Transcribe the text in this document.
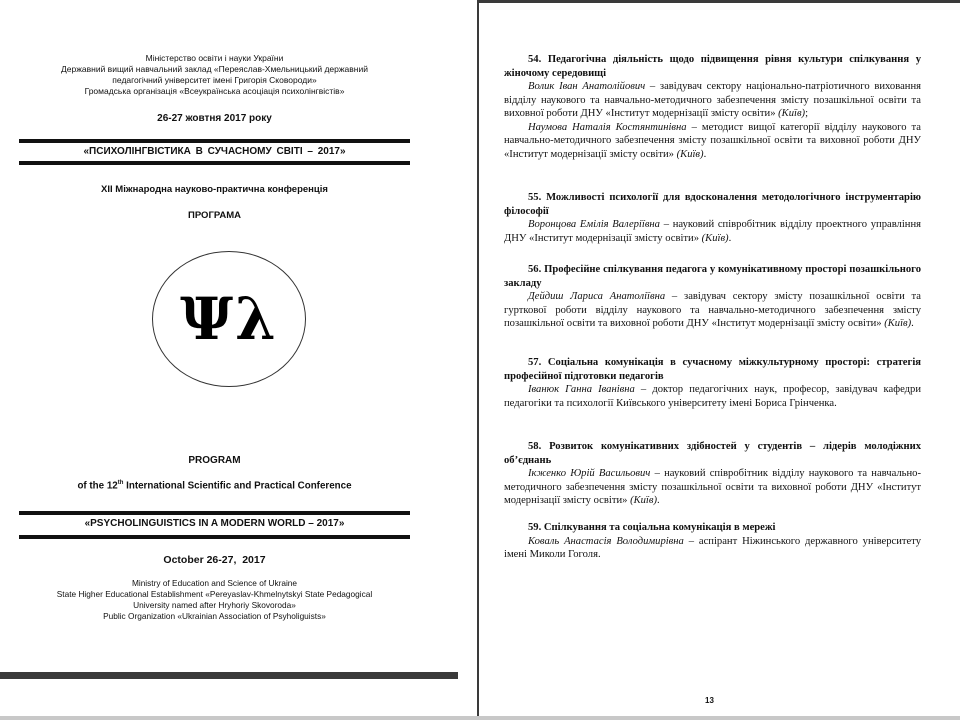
Міністерство освіти і науки України
Державний вищий навчальний заклад «Переяслав-Хмельницький державний
педагогічний університет імені Григорія Сковороди»
Громадська організація «Всеукраїнська асоціація психолінгвістів»
26-27 жовтня 2017 року
«ПСИХОЛІНГВІСТИКА В СУЧАСНОМУ СВІТІ – 2017»
ХІІ Міжнародна науково-практична конференція
ПРОГРАМА
Ψλ
PROGRAM
of the 12th International Scientific and Practical Conference
«PSYCHOLINGUISTICS IN A MODERN WORLD – 2017»
October 26-27,  2017
Ministry of Education and Science of Ukraine
State Higher Educational Establishment «Pereyaslav-Khmelnytskyi State Pedagogical
University named after Hryhoriy Skovoroda»
Public Organization «Ukrainian Association of Psyholiguists»

54. Педагогічна діяльність щодо підвищення рівня культури спілкування у жіночому середовищі

Волик Іван Анатолійович – завідувач сектору національно-патріотичного виховання відділу наукового та навчально-методичного забезпечення змісту позашкільної освіти та виховної роботи ДНУ «Інститут модернізації змісту освіти» (Київ);

Наумова Наталія Костянтинівна – методист вищої категорії відділу наукового та навчально-методичного забезпечення змісту позашкільної освіти та виховної роботи ДНУ «Інститут модернізації змісту освіти» (Київ).

55. Можливості психології для вдосконалення методологічного інструментарію філософії

Воронцова Емілія Валеріївна – науковий співробітник відділу проектного управління ДНУ «Інститут модернізації змісту освіти» (Київ).

56. Професійне спілкування педагога у комунікативному просторі позашкільного закладу

Дейдиш Лариса Анатоліївна – завідувач сектору змісту позашкільної освіти та гурткової роботи відділу наукового та навчально-методичного забезпечення змісту позашкільної освіти та виховної роботи ДНУ «Інститут модернізації змісту освіти» (Київ).

57. Соціальна комунікація в сучасному міжкультурному просторі: стратегія професійної підготовки педагогів

Іванюк Ганна Іванівна – доктор педагогічних наук, професор, завідувач кафедри педагогіки та психології Київського університету імені Бориса Грінченка.

58. Розвиток комунікативних здібностей у студентів – лідерів молодіжних об’єднань

Ікженко Юрій Васильович – науковий співробітник відділу наукового та навчально-методичного забезпечення змісту позашкільної освіти та виховної роботи ДНУ «Інститут модернізації змісту освіти» (Київ).

59. Спілкування та соціальна комунікація в мережі

Коваль Анастасія Володимирівна – аспірант Ніжинського державного університету імені Миколи Гоголя.

13
